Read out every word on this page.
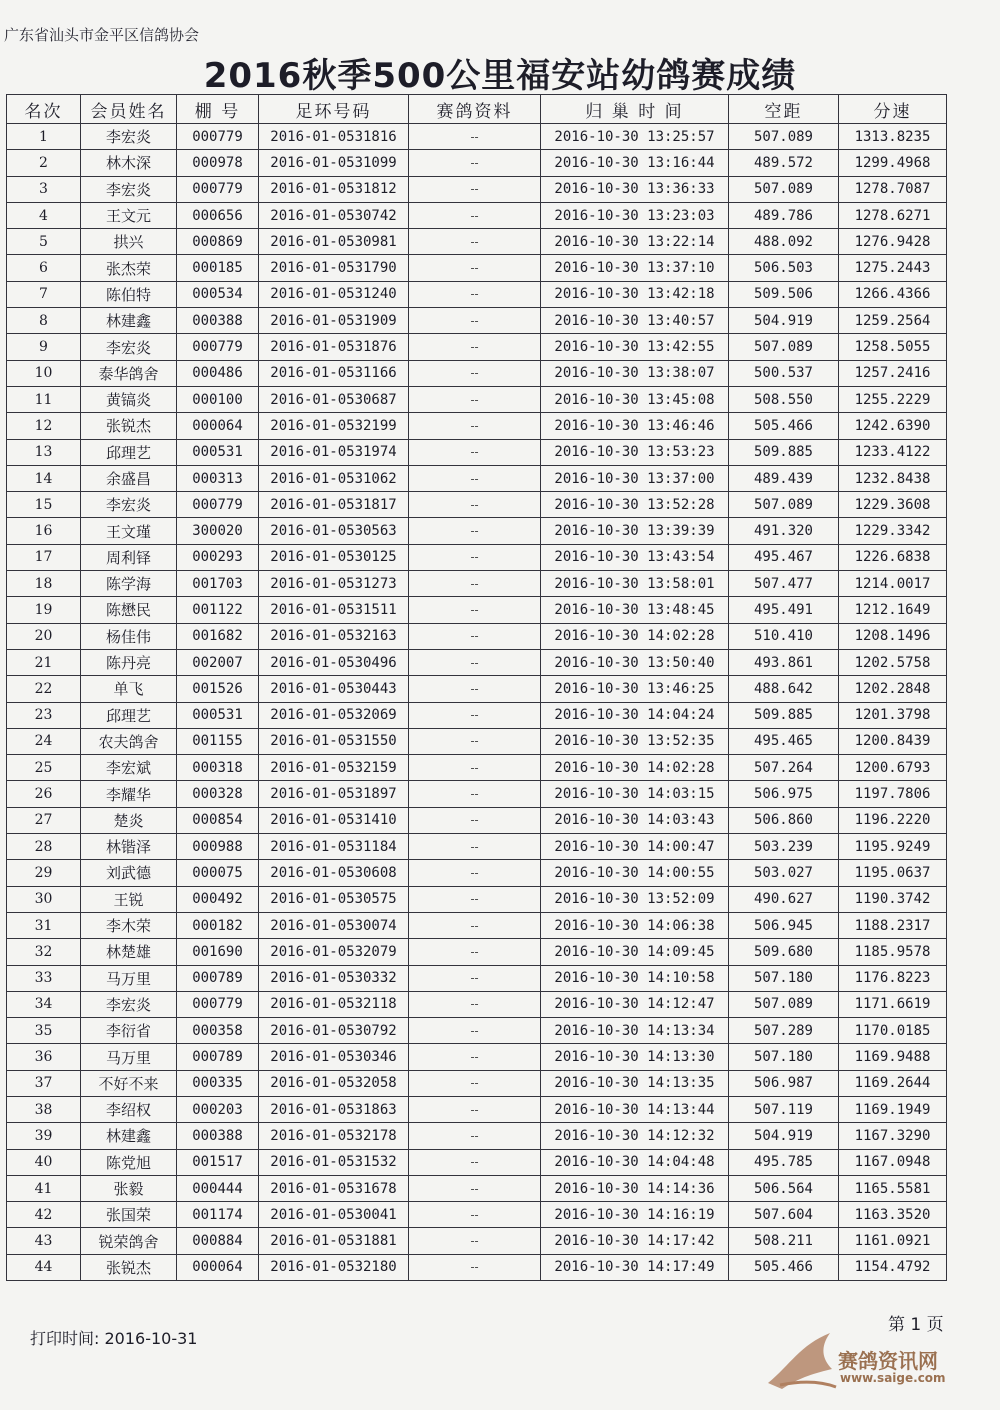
广东省汕头市金平区信鸽协会
2016秋季500公里福安站幼鸽赛成绩
名次	会员姓名	棚 号	足环号码	赛鸽资料	归 巢 时 间	空距	分速
1	李宏炎	000779	2016-01-0531816	--	2016-10-30 13:25:57	507.089	1313.8235
2	林木深	000978	2016-01-0531099	--	2016-10-30 13:16:44	489.572	1299.4968
3	李宏炎	000779	2016-01-0531812	--	2016-10-30 13:36:33	507.089	1278.7087
4	王文元	000656	2016-01-0530742	--	2016-10-30 13:23:03	489.786	1278.6271
5	拱兴	000869	2016-01-0530981	--	2016-10-30 13:22:14	488.092	1276.9428
6	张杰荣	000185	2016-01-0531790	--	2016-10-30 13:37:10	506.503	1275.2443
7	陈伯特	000534	2016-01-0531240	--	2016-10-30 13:42:18	509.506	1266.4366
8	林建鑫	000388	2016-01-0531909	--	2016-10-30 13:40:57	504.919	1259.2564
9	李宏炎	000779	2016-01-0531876	--	2016-10-30 13:42:55	507.089	1258.5055
10	泰华鸽舍	000486	2016-01-0531166	--	2016-10-30 13:38:07	500.537	1257.2416
11	黄镐炎	000100	2016-01-0530687	--	2016-10-30 13:45:08	508.550	1255.2229
12	张锐杰	000064	2016-01-0532199	--	2016-10-30 13:46:46	505.466	1242.6390
13	邱理艺	000531	2016-01-0531974	--	2016-10-30 13:53:23	509.885	1233.4122
14	余盛昌	000313	2016-01-0531062	--	2016-10-30 13:37:00	489.439	1232.8438
15	李宏炎	000779	2016-01-0531817	--	2016-10-30 13:52:28	507.089	1229.3608
16	王文瑾	300020	2016-01-0530563	--	2016-10-30 13:39:39	491.320	1229.3342
17	周利铎	000293	2016-01-0530125	--	2016-10-30 13:43:54	495.467	1226.6838
18	陈学海	001703	2016-01-0531273	--	2016-10-30 13:58:01	507.477	1214.0017
19	陈懋民	001122	2016-01-0531511	--	2016-10-30 13:48:45	495.491	1212.1649
20	杨佳伟	001682	2016-01-0532163	--	2016-10-30 14:02:28	510.410	1208.1496
21	陈丹亮	002007	2016-01-0530496	--	2016-10-30 13:50:40	493.861	1202.5758
22	单飞	001526	2016-01-0530443	--	2016-10-30 13:46:25	488.642	1202.2848
23	邱理艺	000531	2016-01-0532069	--	2016-10-30 14:04:24	509.885	1201.3798
24	农夫鸽舍	001155	2016-01-0531550	--	2016-10-30 13:52:35	495.465	1200.8439
25	李宏斌	000318	2016-01-0532159	--	2016-10-30 14:02:28	507.264	1200.6793
26	李耀华	000328	2016-01-0531897	--	2016-10-30 14:03:15	506.975	1197.7806
27	楚炎	000854	2016-01-0531410	--	2016-10-30 14:03:43	506.860	1196.2220
28	林锴泽	000988	2016-01-0531184	--	2016-10-30 14:00:47	503.239	1195.9249
29	刘武德	000075	2016-01-0530608	--	2016-10-30 14:00:55	503.027	1195.0637
30	王锐	000492	2016-01-0530575	--	2016-10-30 13:52:09	490.627	1190.3742
31	李木荣	000182	2016-01-0530074	--	2016-10-30 14:06:38	506.945	1188.2317
32	林楚雄	001690	2016-01-0532079	--	2016-10-30 14:09:45	509.680	1185.9578
33	马万里	000789	2016-01-0530332	--	2016-10-30 14:10:58	507.180	1176.8223
34	李宏炎	000779	2016-01-0532118	--	2016-10-30 14:12:47	507.089	1171.6619
35	李衍省	000358	2016-01-0530792	--	2016-10-30 14:13:34	507.289	1170.0185
36	马万里	000789	2016-01-0530346	--	2016-10-30 14:13:30	507.180	1169.9488
37	不好不来	000335	2016-01-0532058	--	2016-10-30 14:13:35	506.987	1169.2644
38	李绍权	000203	2016-01-0531863	--	2016-10-30 14:13:44	507.119	1169.1949
39	林建鑫	000388	2016-01-0532178	--	2016-10-30 14:12:32	504.919	1167.3290
40	陈党旭	001517	2016-01-0531532	--	2016-10-30 14:04:48	495.785	1167.0948
41	张毅	000444	2016-01-0531678	--	2016-10-30 14:14:36	506.564	1165.5581
42	张国荣	001174	2016-01-0530041	--	2016-10-30 14:16:19	507.604	1163.3520
43	锐荣鸽舍	000884	2016-01-0531881	--	2016-10-30 14:17:42	508.211	1161.0921
44	张锐杰	000064	2016-01-0532180	--	2016-10-30 14:17:49	505.466	1154.4792
第 1 页
打印时间: 2016-10-31
赛鸽资讯网
www.saige.com
